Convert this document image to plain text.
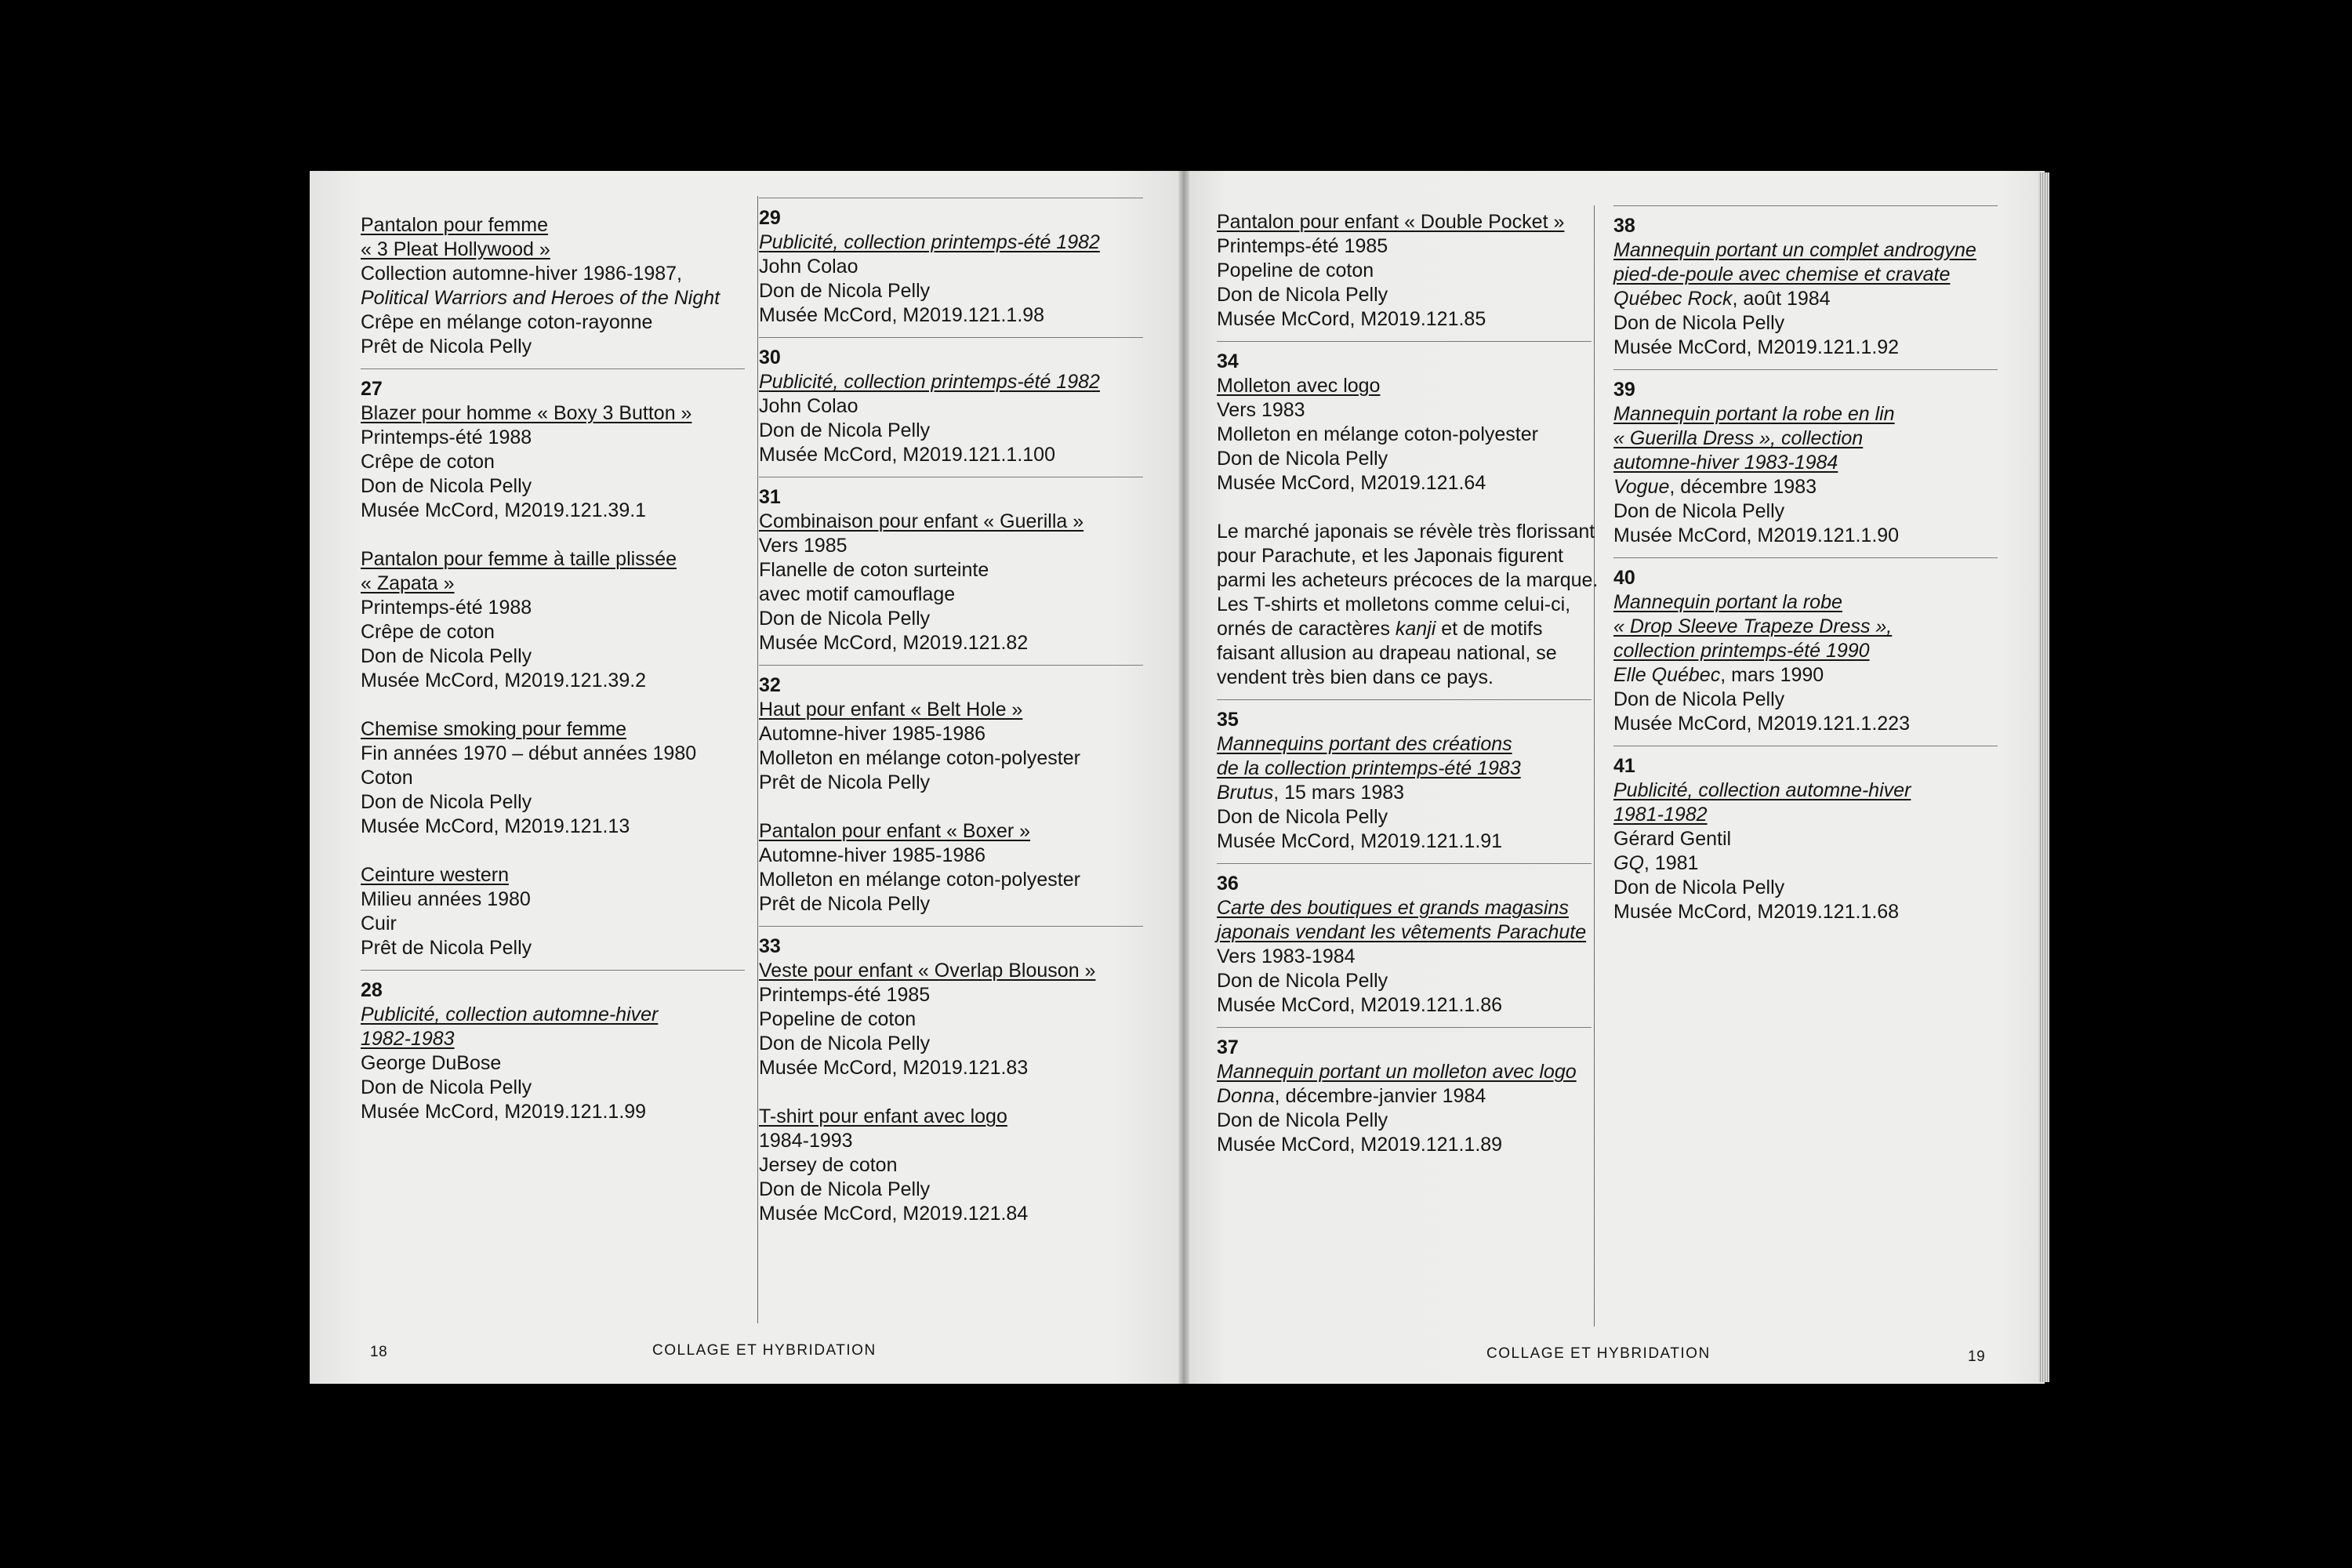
Pantalon pour femme
« 3 Pleat Hollywood »
Collection automne-hiver 1986-1987,
Political Warriors and Heroes of the Night
Crêpe en mélange coton-rayonne
Prêt de Nicola Pelly
27
Blazer pour homme « Boxy 3 Button »
Printemps-été 1988
Crêpe de coton
Don de Nicola Pelly
Musée McCord, M2019.121.39.1
Pantalon pour femme à taille plissée
« Zapata »
Printemps-été 1988
Crêpe de coton
Don de Nicola Pelly
Musée McCord, M2019.121.39.2
Chemise smoking pour femme
Fin années 1970 – début années 1980
Coton
Don de Nicola Pelly
Musée McCord, M2019.121.13
Ceinture western
Milieu années 1980
Cuir
Prêt de Nicola Pelly
28
Publicité, collection automne-hiver
1982-1983
George DuBose
Don de Nicola Pelly
Musée McCord, M2019.121.1.99
29
Publicité, collection printemps-été 1982
John Colao
Don de Nicola Pelly
Musée McCord, M2019.121.1.98
30
Publicité, collection printemps-été 1982
John Colao
Don de Nicola Pelly
Musée McCord, M2019.121.1.100
31
Combinaison pour enfant « Guerilla »
Vers 1985
Flanelle de coton surteinte
avec motif camouflage
Don de Nicola Pelly
Musée McCord, M2019.121.82
32
Haut pour enfant « Belt Hole »
Automne-hiver 1985-1986
Molleton en mélange coton-polyester
Prêt de Nicola Pelly
Pantalon pour enfant « Boxer »
Automne-hiver 1985-1986
Molleton en mélange coton-polyester
Prêt de Nicola Pelly
33
Veste pour enfant « Overlap Blouson »
Printemps-été 1985
Popeline de coton
Don de Nicola Pelly
Musée McCord, M2019.121.83
T-shirt pour enfant avec logo
1984-1993
Jersey de coton
Don de Nicola Pelly
Musée McCord, M2019.121.84
Pantalon pour enfant « Double Pocket »
Printemps-été 1985
Popeline de coton
Don de Nicola Pelly
Musée McCord, M2019.121.85
34
Molleton avec logo
Vers 1983
Molleton en mélange coton-polyester
Don de Nicola Pelly
Musée McCord, M2019.121.64
Le marché japonais se révèle très florissant
pour Parachute, et les Japonais figurent
parmi les acheteurs précoces de la marque.
Les T-shirts et molletons comme celui-ci,
ornés de caractères kanji et de motifs
faisant allusion au drapeau national, se
vendent très bien dans ce pays.
35
Mannequins portant des créations
de la collection printemps-été 1983
Brutus, 15 mars 1983
Don de Nicola Pelly
Musée McCord, M2019.121.1.91
36
Carte des boutiques et grands magasins
japonais vendant les vêtements Parachute
Vers 1983-1984
Don de Nicola Pelly
Musée McCord, M2019.121.1.86
37
Mannequin portant un molleton avec logo
Donna, décembre-janvier 1984
Don de Nicola Pelly
Musée McCord, M2019.121.1.89
38
Mannequin portant un complet androgyne
pied-de-poule avec chemise et cravate
Québec Rock, août 1984
Don de Nicola Pelly
Musée McCord, M2019.121.1.92
39
Mannequin portant la robe en lin
« Guerilla Dress », collection
automne-hiver 1983-1984
Vogue, décembre 1983
Don de Nicola Pelly
Musée McCord, M2019.121.1.90
40
Mannequin portant la robe
« Drop Sleeve Trapeze Dress »,
collection printemps-été 1990
Elle Québec, mars 1990
Don de Nicola Pelly
Musée McCord, M2019.121.1.223
41
Publicité, collection automne-hiver
1981-1982
Gérard Gentil
GQ, 1981
Don de Nicola Pelly
Musée McCord, M2019.121.1.68
18	COLLAGE ET HYBRIDATION	COLLAGE ET HYBRIDATION	19
